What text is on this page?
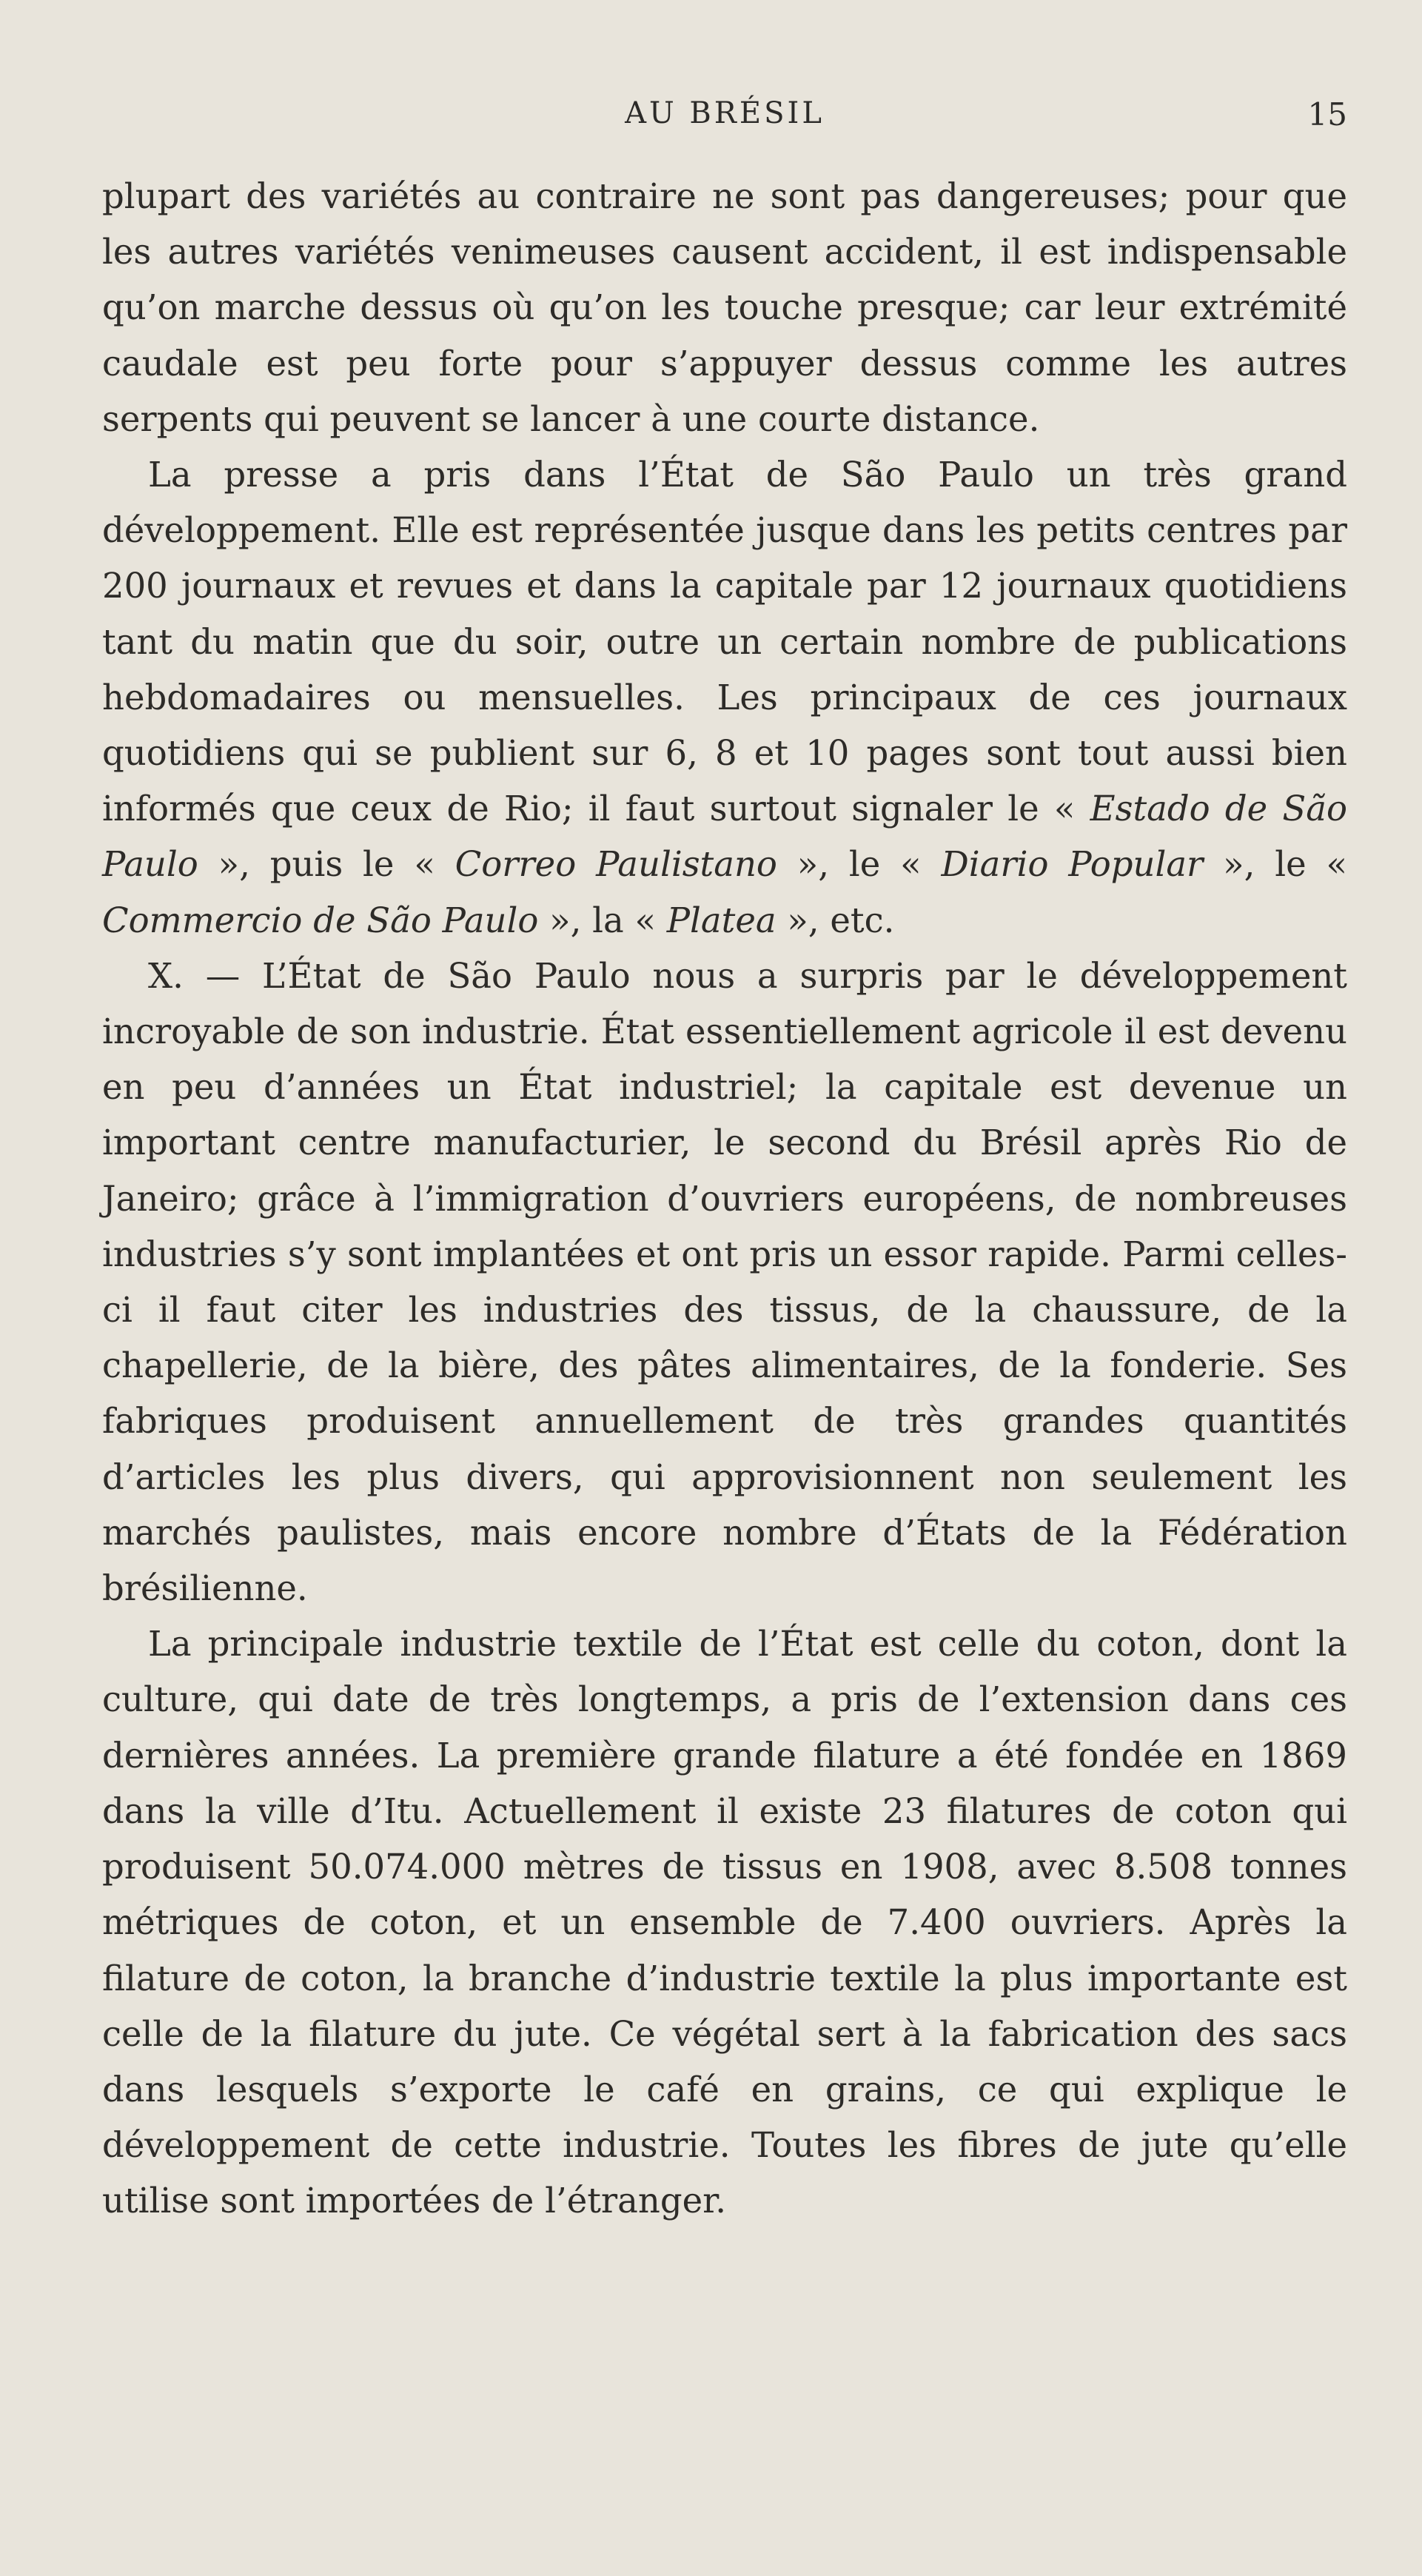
AU BRÉSIL	15

plupart des variétés au contraire ne sont pas dangereuses; pour que les autres variétés venimeuses causent accident, il est indispensable qu’on marche dessus où qu’on les touche presque; car leur extrémité caudale est peu forte pour s’appuyer dessus comme les autres serpents qui peuvent se lancer à une courte distance.

La presse a pris dans l’État de São Paulo un très grand développement. Elle est représentée jusque dans les petits centres par 200 journaux et revues et dans la capitale par 12 journaux quotidiens tant du matin que du soir, outre un certain nombre de publications hebdomadaires ou mensuelles. Les principaux de ces journaux quotidiens qui se publient sur 6, 8 et 10 pages sont tout aussi bien informés que ceux de Rio; il faut surtout signaler le « Estado de São Paulo », puis le « Correo Paulistano », le « Diario Popular », le « Commercio de São Paulo », la « Platea », etc.

X. — L’État de São Paulo nous a surpris par le développement incroyable de son industrie. État essentiellement agricole il est devenu en peu d’années un État industriel; la capitale est devenue un important centre manufacturier, le second du Brésil après Rio de Janeiro; grâce à l’immigration d’ouvriers européens, de nombreuses industries s’y sont implantées et ont pris un essor rapide. Parmi celles-ci il faut citer les industries des tissus, de la chaussure, de la chapellerie, de la bière, des pâtes alimentaires, de la fonderie. Ses fabriques produisent annuellement de très grandes quantités d’articles les plus divers, qui approvisionnent non seulement les marchés paulistes, mais encore nombre d’États de la Fédération brésilienne.

La principale industrie textile de l’État est celle du coton, dont la culture, qui date de très longtemps, a pris de l’extension dans ces dernières années. La première grande filature a été fondée en 1869 dans la ville d’Itu. Actuellement il existe 23 filatures de coton qui produisent 50.074.000 mètres de tissus en 1908, avec 8.508 tonnes métriques de coton, et un ensemble de 7.400 ouvriers. Après la filature de coton, la branche d’industrie textile la plus importante est celle de la filature du jute. Ce végétal sert à la fabrication des sacs dans lesquels s’exporte le café en grains, ce qui explique le développement de cette industrie. Toutes les fibres de jute qu’elle utilise sont importées de l’étranger.
